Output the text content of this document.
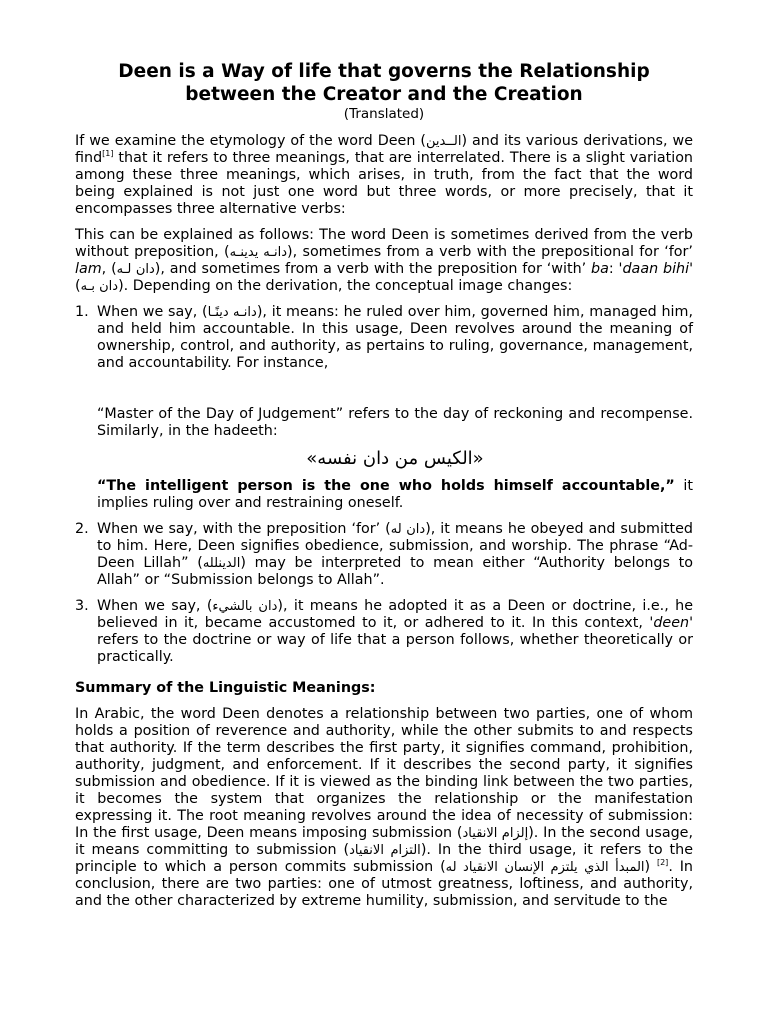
Deen is a Way of life that governs the Relationship
between the Creator and the Creation
(Translated)

If we examine the etymology of the word Deen (الــدين) and its various derivations, we find[1] that it refers to three meanings, that are interrelated. There is a slight variation among these three meanings, which arises, in truth, from the fact that the word being explained is not just one word but three words, or more precisely, that it encompasses three alternative verbs:

This can be explained as follows: The word Deen is sometimes derived from the verb without preposition, (دانـه يدينـه), sometimes from a verb with the prepositional for ‘for’ lam, (دان لـه), and sometimes from a verb with the preposition for ‘with’ ba: 'daan bihi' (دان بـه). Depending on the derivation, the conceptual image changes:

1. When we say, (دانـه دينًـا), it means: he ruled over him, governed him, managed him, and held him accountable. In this usage, Deen revolves around the meaning of ownership, control, and authority, as pertains to ruling, governance, management, and accountability. For instance,

“Master of the Day of Judgement” refers to the day of reckoning and recompense. Similarly, in the hadeeth:

«الكيس من دان نفسه»

“The intelligent person is the one who holds himself accountable,” it implies ruling over and restraining oneself.

2. When we say, with the preposition ‘for’ (دان له), it means he obeyed and submitted to him. Here, Deen signifies obedience, submission, and worship. The phrase “Ad-Deen Lillah” (الدينلله) may be interpreted to mean either “Authority belongs to Allah” or “Submission belongs to Allah”.

3. When we say, (دان بالشيء), it means he adopted it as a Deen or doctrine, i.e., he believed in it, became accustomed to it, or adhered to it. In this context, 'deen' refers to the doctrine or way of life that a person follows, whether theoretically or practically.

Summary of the Linguistic Meanings:

In Arabic, the word Deen denotes a relationship between two parties, one of whom holds a position of reverence and authority, while the other submits to and respects that authority. If the term describes the first party, it signifies command, prohibition, authority, judgment, and enforcement. If it describes the second party, it signifies submission and obedience. If it is viewed as the binding link between the two parties, it becomes the system that organizes the relationship or the manifestation expressing it. The root meaning revolves around the idea of necessity of submission: In the first usage, Deen means imposing submission (إلزام الانقياد). In the second usage, it means committing to submission (التزام الانقياد). In the third usage, it refers to the principle to which a person commits submission (المبدأ الذي يلتزم الإنسان الانقياد له) [2]. In conclusion, there are two parties: one of utmost greatness, loftiness, and authority, and the other characterized by extreme humility, submission, and servitude to the
